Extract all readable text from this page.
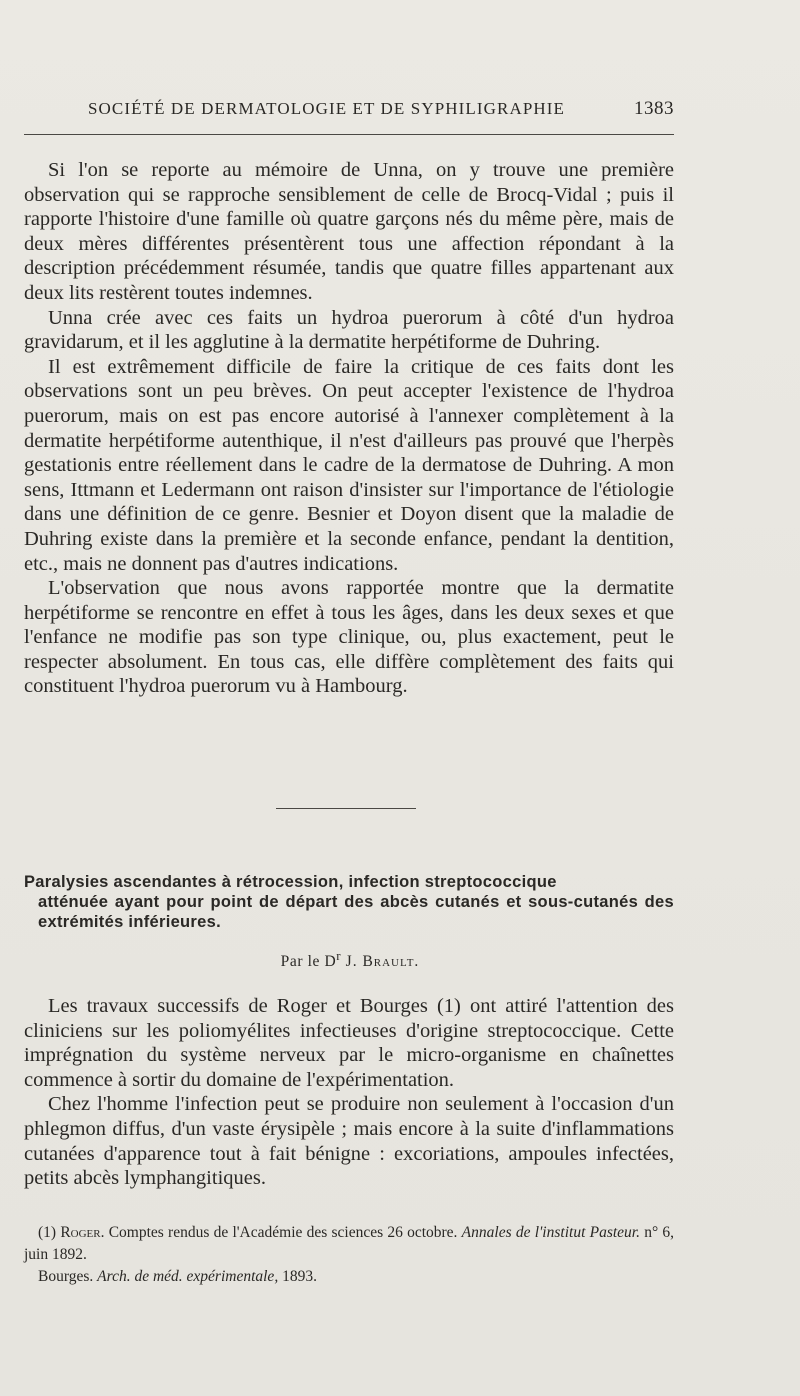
SOCIÉTÉ DE DERMATOLOGIE ET DE SYPHILIGRAPHIE	1383

Si l'on se reporte au mémoire de Unna, on y trouve une première observation qui se rapproche sensiblement de celle de Brocq-Vidal ; puis il rapporte l'histoire d'une famille où quatre garçons nés du même père, mais de deux mères différentes présentèrent tous une affection répondant à la description précédemment résumée, tandis que quatre filles appartenant aux deux lits restèrent toutes indemnes.

Unna crée avec ces faits un hydroa puerorum à côté d'un hydroa gravidarum, et il les agglutine à la dermatite herpétiforme de Duhring.

Il est extrêmement difficile de faire la critique de ces faits dont les observations sont un peu brèves. On peut accepter l'existence de l'hydroa puerorum, mais on est pas encore autorisé à l'annexer complètement à la dermatite herpétiforme autenthique, il n'est d'ailleurs pas prouvé que l'herpès gestationis entre réellement dans le cadre de la dermatose de Duhring. A mon sens, Ittmann et Ledermann ont raison d'insister sur l'importance de l'étiologie dans une définition de ce genre. Besnier et Doyon disent que la maladie de Duhring existe dans la première et la seconde enfance, pendant la dentition, etc., mais ne donnent pas d'autres indications.

L'observation que nous avons rapportée montre que la dermatite herpétiforme se rencontre en effet à tous les âges, dans les deux sexes et que l'enfance ne modifie pas son type clinique, ou, plus exactement, peut le respecter absolument. En tous cas, elle diffère complètement des faits qui constituent l'hydroa puerorum vu à Hambourg.

Paralysies ascendantes à rétrocession, infection streptococcique
atténuée ayant pour point de départ des abcès cutanés et sous-cutanés des extrémités inférieures.
Par le $D^r$ J. Brault.

Les travaux successifs de Roger et Bourges (1) ont attiré l'attention des cliniciens sur les poliomyélites infectieuses d'origine streptococcique. Cette imprégnation du système nerveux par le micro-organisme en chaînettes commence à sortir du domaine de l'expérimentation.

Chez l'homme l'infection peut se produire non seulement à l'occasion d'un phlegmon diffus, d'un vaste érysipèle ; mais encore à la suite d'inflammations cutanées d'apparence tout à fait bénigne : excoriations, ampoules infectées, petits abcès lymphangitiques.

(1) Roger. Comptes rendus de l'Académie des sciences 26 octobre. Annales de l'institut Pasteur. n° 6, juin 1892.

Bourges. Arch. de méd. expérimentale, 1893.
